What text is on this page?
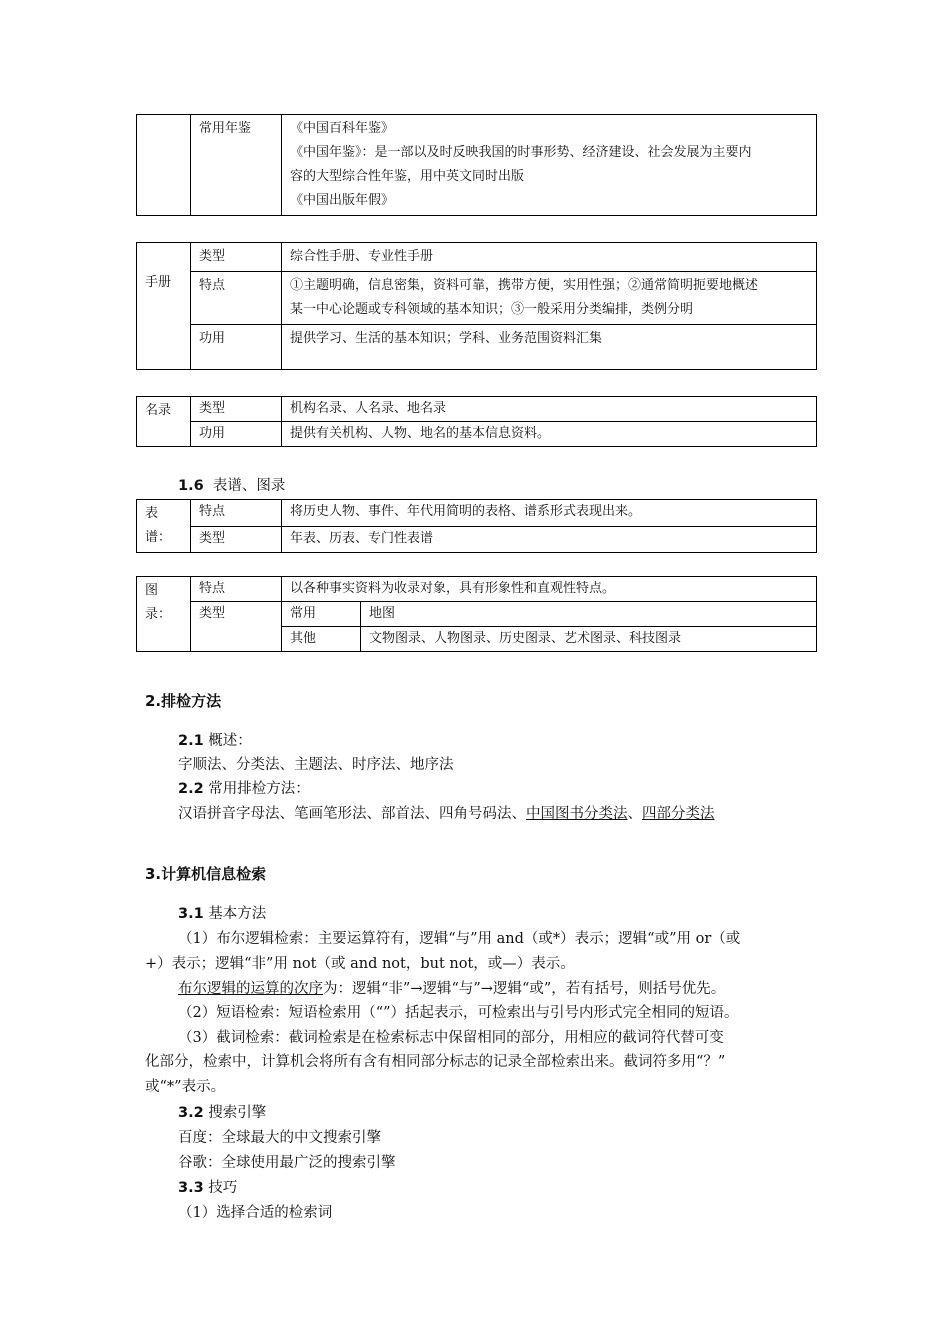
	常用年鉴	《中国百科年鉴》
《中国年鉴》：是一部以及时反映我国的时事形势、经济建设、社会发展为主要内
容的大型综合性年鉴，用中英文同时出版
《中国出版年假》
手册	类型	综合性手册、专业性手册

	特点	①主题明确，信息密集，资料可靠，携带方便，实用性强；②通常简明扼要地概述
某一中心论题或专科领域的基本知识；③一般采用分类编排，类例分明

	功用	提供学习、生活的基本知识；学科、业务范围资料汇集
名录	类型	机构名录、人名录、地名录
	功用	提供有关机构、人物、地名的基本信息资料。
1.6 表谱、图录
表谱：	特点	将历史人物、事件、年代用简明的表格、谱系形式表现出来。
	类型	年表、历表、专门性表谱
图录：	特点	以各种事实资料为收录对象，具有形象性和直观性特点。	
	类型	常用	地图
		其他	文物图录、人物图录、历史图录、艺术图录、科技图录
2.排检方法
2.1 概述：
字顺法、分类法、主题法、时序法、地序法
2.2 常用排检方法：
汉语拼音字母法、笔画笔形法、部首法、四角号码法、中国图书分类法、四部分类法
3.计算机信息检索
3.1 基本方法
（1）布尔逻辑检索：主要运算符有，逻辑“与”用 and（或*）表示；逻辑“或”用 or（或
+）表示；逻辑“非”用 not（或 and not，but not，或—）表示。
布尔逻辑的运算的次序为：逻辑“非”→逻辑“与”→逻辑“或”，若有括号，则括号优先。
（2）短语检索：短语检索用（“”）括起表示，可检索出与引号内形式完全相同的短语。
（3）截词检索：截词检索是在检索标志中保留相同的部分，用相应的截词符代替可变
化部分，检索中，计算机会将所有含有相同部分标志的记录全部检索出来。截词符多用“？”
或“*”表示。
3.2 搜索引擎
百度：全球最大的中文搜索引擎
谷歌：全球使用最广泛的搜索引擎
3.3 技巧
（1）选择合适的检索词
